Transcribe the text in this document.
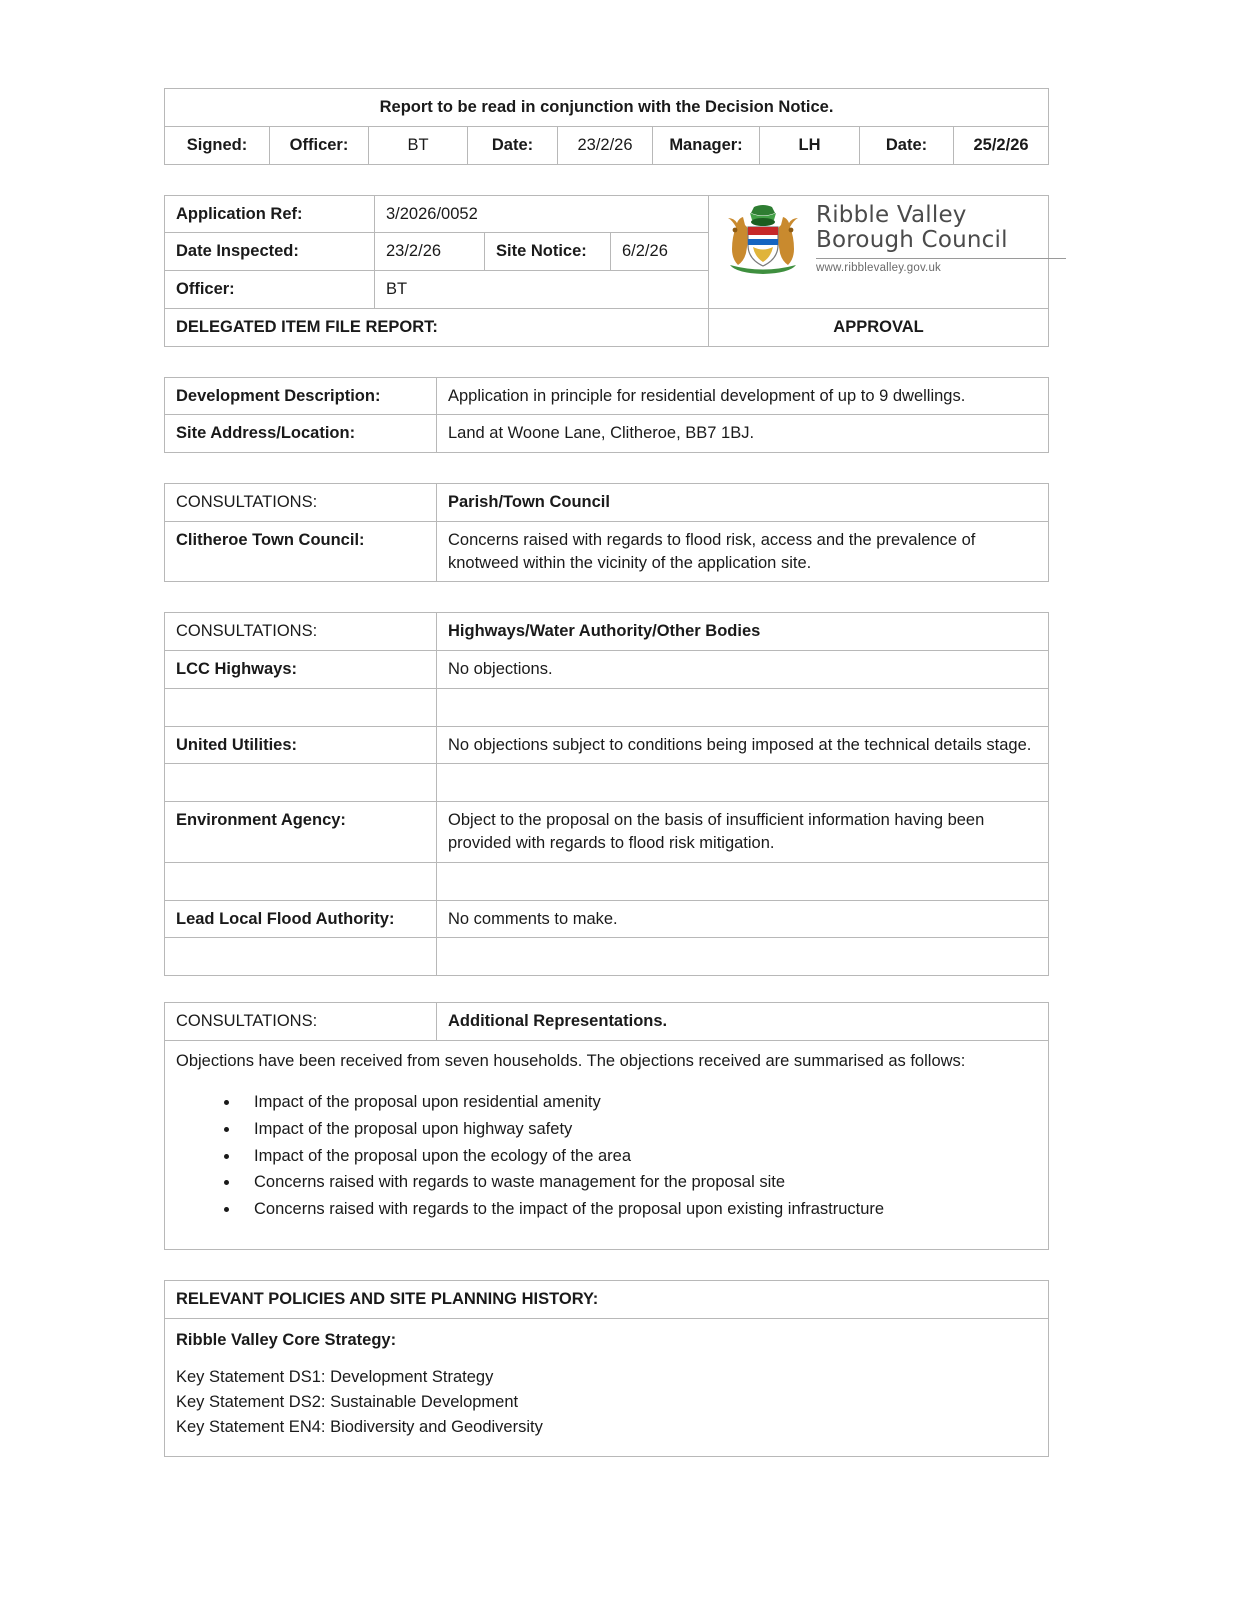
Report to be read in conjunction with the Decision Notice.
Signed:	Officer:	BT	Date:	23/2/26	Manager:	LH	Date:	25/2/26
Application Ref:	3/2026/0052			Ribble Valley
Borough Council
www.ribblevalley.gov.uk

Date Inspected:	23/2/26	Site Notice:	6/2/26	
Officer:	BT			
DELEGATED ITEM FILE REPORT:				APPROVAL
Development Description:	Application in principle for residential development of up to 9 dwellings.
Site Address/Location:	Land at Woone Lane, Clitheroe, BB7 1BJ.
CONSULTATIONS:	Parish/Town Council
Clitheroe Town Council:	Concerns raised with regards to flood risk, access and the prevalence of knotweed within the vicinity of the application site.
CONSULTATIONS:	Highways/Water Authority/Other Bodies
LCC Highways:	No objections.

United Utilities:	No objections subject to conditions being imposed at the technical details stage.

Environment Agency:	Object to the proposal on the basis of insufficient information having been provided with regards to flood risk mitigation.

Lead Local Flood Authority:	No comments to make.

CONSULTATIONS:	Additional Representations.

Objections have been received from seven households. The objections received are summarised as follows:
• Impact of the proposal upon residential amenity
• Impact of the proposal upon highway safety
• Impact of the proposal upon the ecology of the area
• Concerns raised with regards to waste management for the proposal site
• Concerns raised with regards to the impact of the proposal upon existing infrastructure
RELEVANT POLICIES AND SITE PLANNING HISTORY:

Ribble Valley Core Strategy:
Key Statement DS1: Development Strategy
Key Statement DS2: Sustainable Development
Key Statement EN4: Biodiversity and Geodiversity
